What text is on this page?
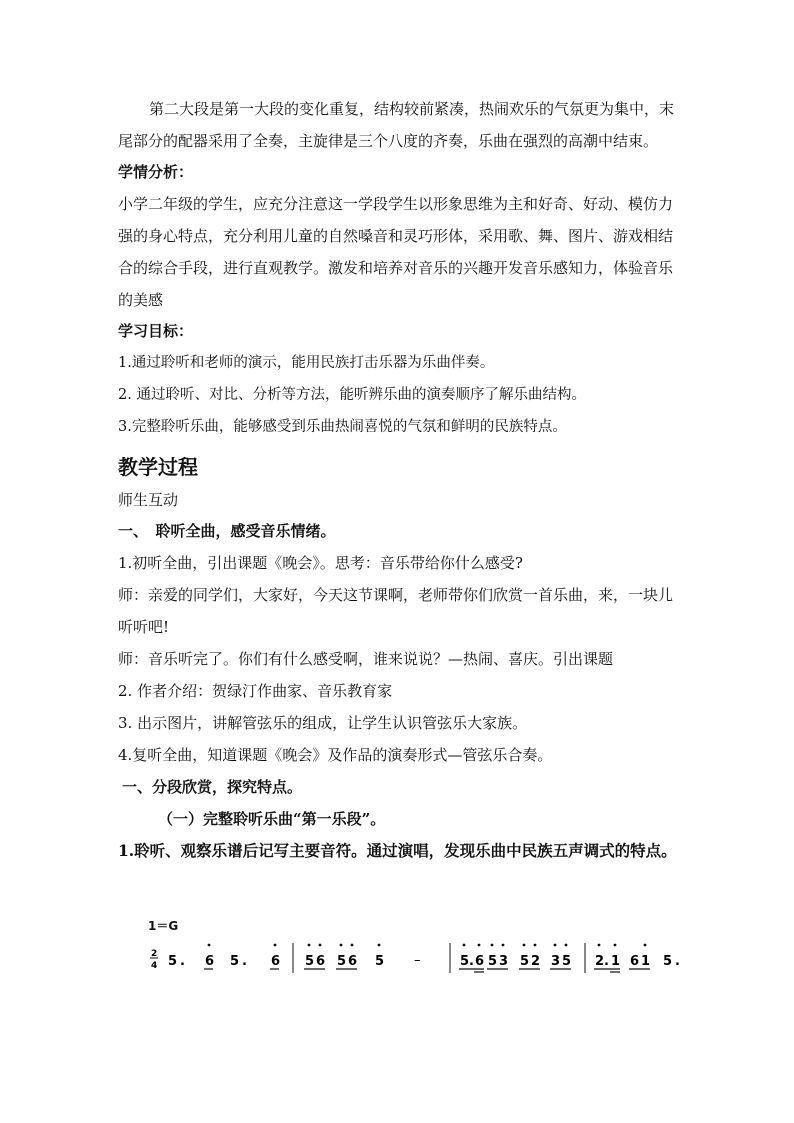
第二大段是第一大段的变化重复，结构较前紧凑，热闹欢乐的气氛更为集中，末尾部分的配器采用了全奏，主旋律是三个八度的齐奏，乐曲在强烈的高潮中结束。

学情分析：

小学二年级的学生，应充分注意这一学段学生以形象思维为主和好奇、好动、模仿力强的身心特点，充分利用儿童的自然嗓音和灵巧形体，采用歌、舞、图片、游戏相结合的综合手段，进行直观教学。激发和培养对音乐的兴趣开发音乐感知力，体验音乐的美感

学习目标：

1.通过聆听和老师的演示，能用民族打击乐器为乐曲伴奏。

2. 通过聆听、对比、分析等方法，能听辨乐曲的演奏顺序了解乐曲结构。

3.完整聆听乐曲，能够感受到乐曲热闹喜悦的气氛和鲜明的民族特点。

教学过程

师生互动

一、　聆听全曲，感受音乐情绪。

1.初听全曲，引出课题《晚会》。思考：音乐带给你什么感受?

师：亲爱的同学们，大家好，今天这节课啊，老师带你们欣赏一首乐曲，来，一块儿听听吧!

师：音乐听完了。你们有什么感受啊，谁来说说？—热闹、喜庆。引出课题

2. 作者介绍：贺绿汀作曲家、音乐教育家

3. 出示图片，讲解管弦乐的组成，让学生认识管弦乐大家族。

4.复听全曲，知道课题《晚会》及作品的演奏形式—管弦乐合奏。

一、分段欣赏，探究特点。

（一）完整聆听乐曲“第一乐段”。

1.聆听、观察乐谱后记写主要音符。通过演唱，发现乐曲中民族五声调式的特点。

1＝G
2
4 5 . 6 5 . 6 5 6 5 6 5 –	5 . 6 5 3 5 2 3 5 2 . 1 6 1 5 .
